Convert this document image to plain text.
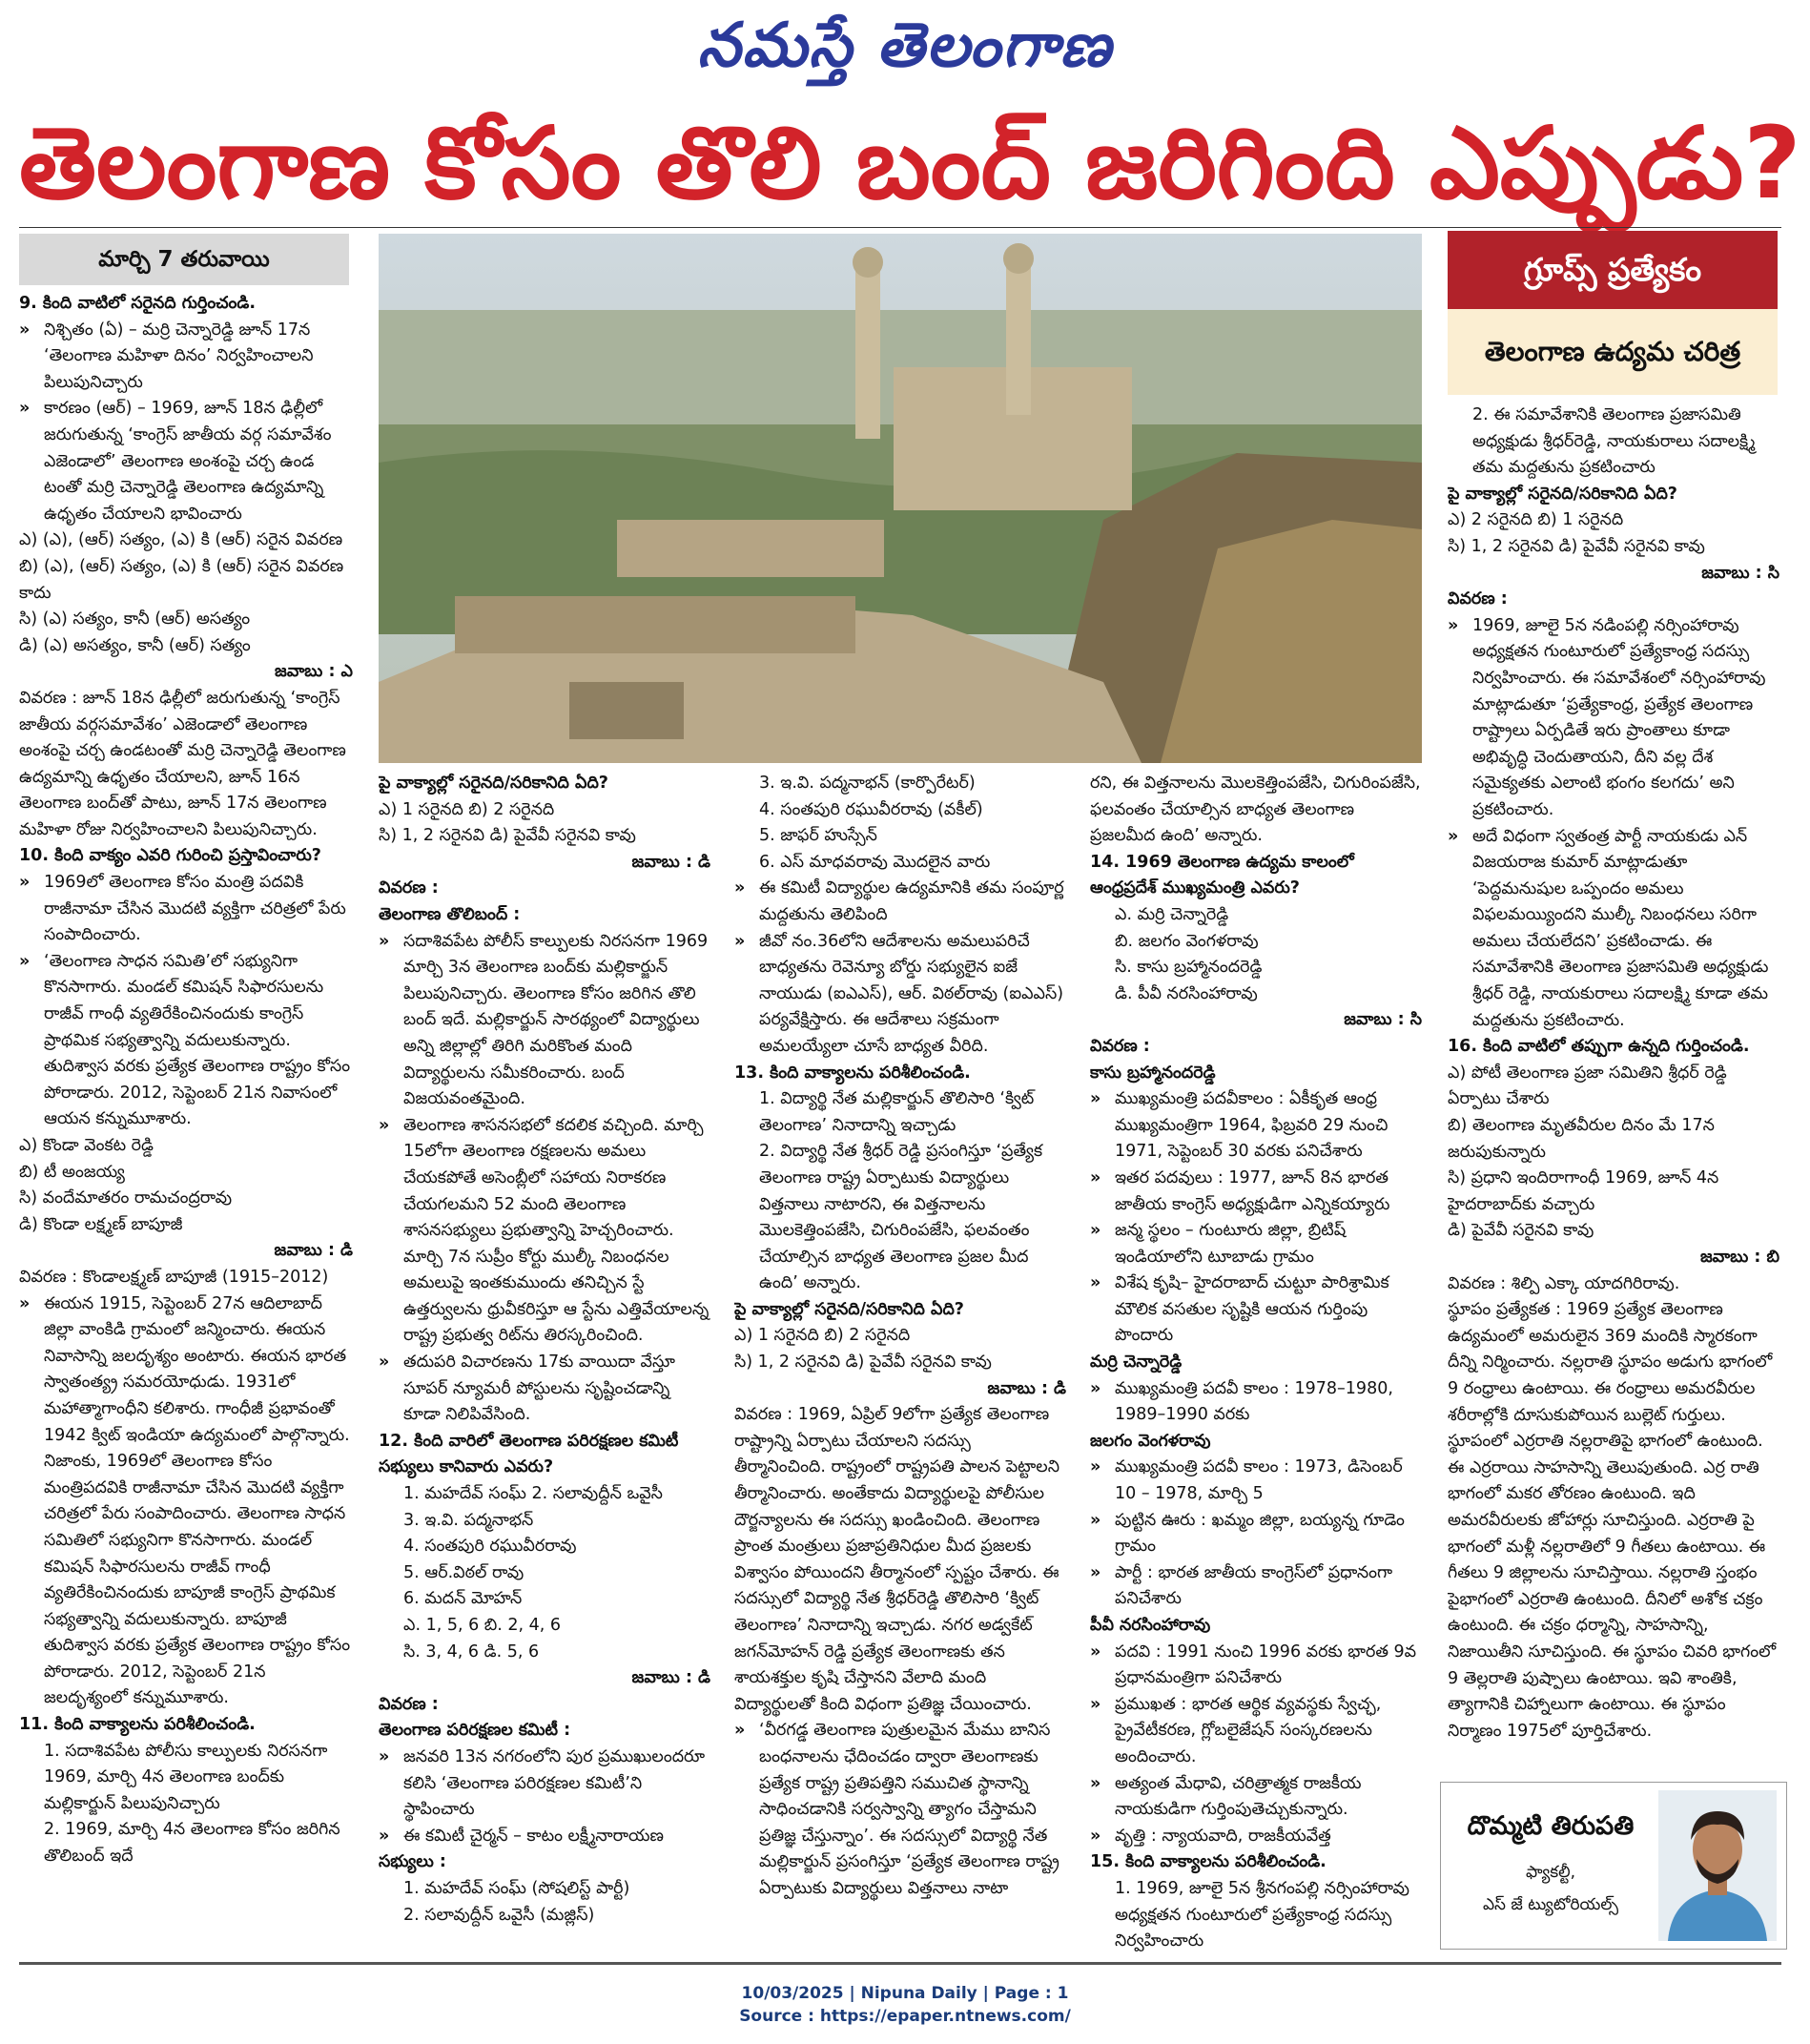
నమస్తే తెలంగాణ
తెలంగాణ కోసం తొలి బంద్‌ జరిగింది ఎప్పుడు?
మార్చి 7 తరువాయి

9. కింది వాటిలో సరైనది గుర్తించండి.

» నిశ్చితం (ఏ) – మర్రి చెన్నారెడ్డి జూన్‌ 17న ‘తెలంగాణ మహిళా దినం’ నిర్వహించాలని పిలుపునిచ్చారు

» కారణం (ఆర్‌) – 1969, జూన్‌ 18న ఢిల్లీలో జరుగుతున్న ‘కాంగ్రెస్‌ జాతీయ వర్గ సమావేశం ఎజెండాలో’ తెలంగాణ అంశంపై చర్చ ఉండ టంతో మర్రి చెన్నారెడ్డి తెలంగాణ ఉద్యమాన్ని ఉధృతం చేయాలని భావించారు

ఎ) (ఎ), (ఆర్‌) సత్యం, (ఎ) కి (ఆర్‌) సరైన వివరణ

బి) (ఎ), (ఆర్‌) సత్యం, (ఎ) కి (ఆర్‌) సరైన వివరణ కాదు

సి) (ఎ) సత్యం, కానీ (ఆర్‌) అసత్యం

డి) (ఎ) అసత్యం, కానీ (ఆర్‌) సత్యం

జవాబు : ఎ

వివరణ : జూన్‌ 18న ఢిల్లీలో జరుగుతున్న ‘కాంగ్రెస్‌ జాతీయ వర్గసమావేశం’ ఎజెండాలో తెలంగాణ అంశంపై చర్చ ఉండటంతో మర్రి చెన్నారెడ్డి తెలంగాణ ఉద్యమాన్ని ఉధృతం చేయాలని, జూన్‌ 16న తెలంగాణ బంద్‌తో పాటు, జూన్‌ 17న తెలంగాణ మహిళా రోజు నిర్వహించాలని పిలుపునిచ్చారు.

10. కింది వాక్యం ఎవరి గురించి ప్రస్తావించారు?

» 1969లో తెలంగాణ కోసం మంత్రి పదవికి రాజీనామా చేసిన మొదటి వ్యక్తిగా చరిత్రలో పేరు సంపాదించారు.

» ‘తెలంగాణ సాధన సమితి’లో సభ్యునిగా కొనసాగారు. మండల్‌ కమిషన్‌ సిఫారసులను రాజీవ్‌ గాంధీ వ్యతిరేకించినందుకు కాంగ్రెస్‌ ప్రాథమిక సభ్యత్వాన్ని వదులుకున్నారు. తుదిశ్వాస వరకు ప్రత్యేక తెలంగాణ రాష్ట్రం కోసం పోరాడారు. 2012, సెప్టెంబర్‌ 21న నివాసంలో ఆయన కన్నుమూశారు.

ఎ) కొండా వెంకట రెడ్డి

బి) టీ అంజయ్య

సి) వందేమాతరం రామచంద్రరావు

డి) కొండా లక్ష్మణ్‌ బాపూజీ

జవాబు : డి

వివరణ : కొండాలక్ష్మణ్‌ బాపూజీ (1915–2012)

» ఈయన 1915, సెప్టెంబర్‌ 27న ఆదిలాబాద్‌ జిల్లా వాంకిడి గ్రామంలో జన్మించారు. ఈయన నివాసాన్ని జలదృశ్యం అంటారు. ఈయన భారత స్వాతంత్య్ర సమరయోధుడు. 1931లో మహాత్మాగాంధీని కలిశారు. గాంధీజీ ప్రభావంతో 1942 క్విట్‌ ఇండియా ఉద్యమంలో పాల్గొన్నారు. నిజాంకు, 1969లో తెలంగాణ కోసం మంత్రిపదవికి రాజీనామా చేసిన మొదటి వ్యక్తిగా చరిత్రలో పేరు సంపాదించారు. తెలంగాణ సాధన సమితిలో సభ్యునిగా కొనసాగారు. మండల్‌ కమిషన్‌ సిఫారసులను రాజీవ్‌ గాంధీ వ్యతిరేకించినందుకు బాపూజీ కాంగ్రెస్‌ ప్రాథమిక సభ్యత్వాన్ని వదులుకున్నారు. బాపూజీ తుదిశ్వాస వరకు ప్రత్యేక తెలంగాణ రాష్ట్రం కోసం పోరాడారు. 2012, సెప్టెంబర్‌ 21న జలదృశ్యంలో కన్నుమూశారు.

11. కింది వాక్యాలను పరిశీలించండి.

1. సదాశివపేట పోలీసు కాల్పులకు నిరసనగా 1969, మార్చి 4న తెలంగాణ బంద్‌కు మల్లికార్జున్‌ పిలుపునిచ్చారు

2. 1969, మార్చి 4న తెలంగాణ కోసం జరిగిన తొలిబంద్‌ ఇదే

పై వాక్యాల్లో సరైనది/సరికానిది ఏది?

ఎ) 1 సరైనది బి) 2 సరైనది

సి) 1, 2 సరైనవి డి) పైవేవీ సరైనవి కావు

జవాబు : డి

వివరణ :

తెలంగాణ తొలిబంద్‌ :

» సదాశివపేట పోలీస్‌ కాల్పులకు నిరసనగా 1969 మార్చి 3న తెలంగాణ బంద్‌కు మల్లికార్జున్‌ పిలుపునిచ్చారు. తెలంగాణ కోసం జరిగిన తొలి బంద్‌ ఇదే. మల్లికార్జున్‌ సారథ్యంలో విద్యార్థులు అన్ని జిల్లాల్లో తిరిగి మరికొంత మంది విద్యార్థులను సమీకరించారు. బంద్‌ విజయవంతమైంది.

» తెలంగాణ శాసనసభలో కదలిక వచ్చింది. మార్చి 15లోగా తెలంగాణ రక్షణలను అమలు చేయకపోతే అసెంబ్లీలో సహాయ నిరాకరణ చేయగలమని 52 మంది తెలంగాణ శాసనసభ్యులు ప్రభుత్వాన్ని హెచ్చరించారు. మార్చి 7న సుప్రీం కోర్టు ముల్కీ నిబంధనల అమలుపై ఇంతకుముందు తనిచ్చిన స్టే ఉత్తర్వులను ధ్రువీకరిస్తూ ఆ స్టేను ఎత్తివేయాలన్న రాష్ట్ర ప్రభుత్వ రిట్‌ను తిరస్కరించింది.

» తదుపరి విచారణను 17కు వాయిదా వేస్తూ సూపర్‌ న్యూమరీ పోస్టులను సృష్టించడాన్ని కూడా నిలిపివేసింది.

12. కింది వారిలో తెలంగాణ పరిరక్షణల కమిటీ సభ్యులు కానివారు ఎవరు?

1. మహదేవ్‌ సంఘ్‌ 2. సలావుద్దీన్‌ ఒవైసీ

3. ఇ.వి. పద్మనాభన్‌

4. సంతపురి రఘువీరరావు

5. ఆర్‌.విఠల్‌ రావు

6. మదన్‌ మోహన్‌

ఎ. 1, 5, 6 బి. 2, 4, 6

సి. 3, 4, 6 డి. 5, 6

జవాబు : డి

వివరణ :

తెలంగాణ పరిరక్షణల కమిటీ :

» జనవరి 13న నగరంలోని పుర ప్రముఖులందరూ కలిసి ‘తెలంగాణ పరిరక్షణల కమిటీ’ని స్థాపించారు

» ఈ కమిటీ చైర్మన్‌ – కాటం లక్ష్మీనారాయణ

సభ్యులు :

1. మహదేవ్‌ సంఘ్‌ (సోషలిస్ట్‌ పార్టీ)

2. సలావుద్దీన్‌ ఒవైసీ (మజ్లిస్‌)

3. ఇ.వి. పద్మనాభన్‌ (కార్పొరేటర్‌)

4. సంతపురి రఘువీరరావు (వకీల్‌)

5. జాఫర్‌ హుస్సేన్‌

6. ఎస్‌ మాధవరావు మొదలైన వారు

» ఈ కమిటీ విద్యార్థుల ఉద్యమానికి తమ సంపూర్ణ మద్దతును తెలిపింది

» జీవో నం.36లోని ఆదేశాలను అమలుపరిచే బాధ్యతను రెవెన్యూ బోర్డు సభ్యులైన ఐజే నాయుడు (ఐఎఎస్‌), ఆర్‌. విఠల్‌రావు (ఐఎఎస్‌) పర్యవేక్షిస్తారు. ఈ ఆదేశాలు సక్రమంగా అమలయ్యేలా చూసే బాధ్యత వీరిది.

13. కింది వాక్యాలను పరిశీలించండి.

1. విద్యార్థి నేత మల్లికార్జున్‌ తొలిసారి ‘క్విట్‌ తెలంగాణ’ నినాదాన్ని ఇచ్చాడు

2. విద్యార్థి నేత శ్రీధర్‌ రెడ్డి ప్రసంగిస్తూ ‘ప్రత్యేక తెలంగాణ రాష్ట్ర ఏర్పాటుకు విద్యార్థులు విత్తనాలు నాటారని, ఈ విత్తనాలను మొలకెత్తింపజేసి, చిగురింపజేసి, ఫలవంతం చేయాల్సిన బాధ్యత తెలంగాణ ప్రజల మీద ఉంది’ అన్నారు.

పై వాక్యాల్లో సరైనది/సరికానిది ఏది?

ఎ) 1 సరైనది బి) 2 సరైనది

సి) 1, 2 సరైనవి డి) పైవేవీ సరైనవి కావు

జవాబు : డి

వివరణ : 1969, ఏప్రిల్‌ 9లోగా ప్రత్యేక తెలంగాణ రాష్ట్రాన్ని ఏర్పాటు చేయాలని సదస్సు తీర్మానించింది. రాష్ట్రంలో రాష్ట్రపతి పాలన పెట్టాలని తీర్మానించారు. అంతేకాదు విద్యార్థులపై పోలీసుల దౌర్జన్యాలను ఈ సదస్సు ఖండించింది. తెలంగాణ ప్రాంత మంత్రులు ప్రజాప్రతినిధుల మీద ప్రజలకు విశ్వాసం పోయిందని తీర్మానంలో స్పష్టం చేశారు. ఈ సదస్సులో విద్యార్థి నేత శ్రీధర్‌రెడ్డి తొలిసారి ‘క్విట్‌ తెలంగాణ’ నినాదాన్ని ఇచ్చాడు. నగర అడ్వకేట్‌ జగన్‌మోహన్‌ రెడ్డి ప్రత్యేక తెలంగాణకు తన శాయశక్తుల కృషి చేస్తానని వేలాది మంది విద్యార్థులతో కింది విధంగా ప్రతిజ్ఞ చేయించారు.

» ‘వీరగడ్డ తెలంగాణ పుత్రులమైన మేము బానిస బంధనాలను ఛేదించడం ద్వారా తెలంగాణకు ప్రత్యేక రాష్ట్ర ప్రతిపత్తిని సముచిత స్థానాన్ని సాధించడానికి సర్వస్వాన్ని త్యాగం చేస్తామని ప్రతిజ్ఞ చేస్తున్నాం’. ఈ సదస్సులో విద్యార్థి నేత మల్లికార్జున్‌ ప్రసంగిస్తూ ‘ప్రత్యేక తెలంగాణ రాష్ట్ర ఏర్పాటుకు విద్యార్థులు విత్తనాలు నాటా

రని, ఈ విత్తనాలను మొలకెత్తింపజేసి, చిగురింపజేసి, ఫలవంతం చేయాల్సిన బాధ్యత తెలంగాణ ప్రజలమీద ఉంది’ అన్నారు.

14. 1969 తెలంగాణ ఉద్యమ కాలంలో ఆంధ్రప్రదేశ్‌ ముఖ్యమంత్రి ఎవరు?

ఎ. మర్రి చెన్నారెడ్డి

బి. జలగం వెంగళరావు

సి. కాసు బ్రహ్మానందరెడ్డి

డి. పీవీ నరసింహారావు

జవాబు : సి

వివరణ :

కాసు బ్రహ్మానందరెడ్డి

» ముఖ్యమంత్రి పదవీకాలం : ఏకీకృత ఆంధ్ర ముఖ్యమంత్రిగా 1964, ఫిబ్రవరి 29 నుంచి 1971, సెప్టెంబర్‌ 30 వరకు పనిచేశారు

» ఇతర పదవులు : 1977, జూన్‌ 8న భారత జాతీయ కాంగ్రెస్‌ అధ్యక్షుడిగా ఎన్నికయ్యారు

» జన్మ స్థలం – గుంటూరు జిల్లా, బ్రిటిష్‌ ఇండియాలోని టూబాడు గ్రామం

» విశేష కృషి– హైదరాబాద్‌ చుట్టూ పారిశ్రామిక మౌలిక వసతుల సృష్టికి ఆయన గుర్తింపు పొందారు

మర్రి చెన్నారెడ్డి

» ముఖ్యమంత్రి పదవీ కాలం : 1978–1980, 1989–1990 వరకు

జలగం వెంగళరావు

» ముఖ్యమంత్రి పదవీ కాలం : 1973, డిసెంబర్‌ 10 – 1978, మార్చి 5

» పుట్టిన ఊరు : ఖమ్మం జిల్లా, బయ్యన్న గూడెం గ్రామం

» పార్టీ : భారత జాతీయ కాంగ్రెస్‌లో ప్రధానంగా పనిచేశారు

పీవీ నరసింహారావు

» పదవి : 1991 నుంచి 1996 వరకు భారత 9వ ప్రధానమంత్రిగా పనిచేశారు

» ప్రముఖత : భారత ఆర్థిక వ్యవస్థకు స్వేచ్ఛ, ప్రైవేటీకరణ, గ్లోబలైజేషన్‌ సంస్కరణలను అందించారు.

» అత్యంత మేధావి, చరిత్రాత్మక రాజకీయ నాయకుడిగా గుర్తింపుతెచ్చుకున్నారు.

» వృత్తి : న్యాయవాది, రాజకీయవేత్త

15. కింది వాక్యాలను పరిశీలించండి.

1. 1969, జూలై 5న శ్రీనగంపల్లి నర్సింహారావు అధ్యక్షతన గుంటూరులో ప్రత్యేకాంధ్ర సదస్సు నిర్వహించారు

గ్రూప్స్‌ ప్రత్యేకం
తెలంగాణ ఉద్యమ చరిత్ర

2. ఈ సమావేశానికి తెలంగాణ ప్రజాసమితి అధ్యక్షుడు శ్రీధర్‌రెడ్డి, నాయకురాలు సదాలక్ష్మి తమ మద్దతును ప్రకటించారు

పై వాక్యాల్లో సరైనది/సరికానిది ఏది?

ఎ) 2 సరైనది బి) 1 సరైనది

సి) 1, 2 సరైనవి డి) పైవేవీ సరైనవి కావు

జవాబు : సి

వివరణ :

» 1969, జూలై 5న నడింపల్లి నర్సింహారావు అధ్యక్షతన గుంటూరులో ప్రత్యేకాంధ్ర సదస్సు నిర్వహించారు. ఈ సమావేశంలో నర్సింహారావు మాట్లాడుతూ ‘ప్రత్యేకాంధ్ర, ప్రత్యేక తెలంగాణ రాష్ట్రాలు ఏర్పడితే ఇరు ప్రాంతాలు కూడా అభివృద్ధి చెందుతాయని, దీని వల్ల దేశ సమైక్యతకు ఎలాంటి భంగం కలగదు’ అని ప్రకటించారు.

» అదే విధంగా స్వతంత్ర పార్టీ నాయకుడు ఎన్‌ విజయరాజ కుమార్‌ మాట్లాడుతూ ‘పెద్దమనుషుల ఒప్పందం అమలు విఫలమయ్యిందని ముల్కీ నిబంధనలు సరిగా అమలు చేయలేదని’ ప్రకటించాడు. ఈ సమావేశానికి తెలంగాణ ప్రజాసమితి అధ్యక్షుడు శ్రీధర్‌ రెడ్డి, నాయకురాలు సదాలక్ష్మి కూడా తమ మద్దతును ప్రకటించారు.

16. కింది వాటిలో తప్పుగా ఉన్నది గుర్తించండి.

ఎ) పోటీ తెలంగాణ ప్రజా సమితిని శ్రీధర్‌ రెడ్డి ఏర్పాటు చేశారు

బి) తెలంగాణ మృతవీరుల దినం మే 17న జరుపుకున్నారు

సి) ప్రధాని ఇందిరాగాంధీ 1969, జూన్‌ 4న హైదరాబాద్‌కు వచ్చారు

డి) పైవేవీ సరైనవి కావు

జవాబు : బి

వివరణ : శిల్పి ఎక్కా యాదగిరిరావు.

స్థూపం ప్రత్యేకత : 1969 ప్రత్యేక తెలంగాణ ఉద్యమంలో అమరులైన 369 మందికి స్మారకంగా దీన్ని నిర్మించారు. నల్లరాతి స్థూపం అడుగు భాగంలో 9 రంధ్రాలు ఉంటాయి. ఈ రంధ్రాలు అమరవీరుల శరీరాల్లోకి దూసుకుపోయిన బుల్లెట్‌ గుర్తులు. స్థూపంలో ఎర్రరాతి నల్లరాతిపై భాగంలో ఉంటుంది. ఈ ఎర్రరాయి సాహసాన్ని తెలుపుతుంది. ఎర్ర రాతి భాగంలో మకర తోరణం ఉంటుంది. ఇది అమరవీరులకు జోహార్లు సూచిస్తుంది. ఎర్రరాతి పై భాగంలో మళ్లీ నల్లరాతిలో 9 గీతలు ఉంటాయి. ఈ గీతలు 9 జిల్లాలను సూచిస్తాయి. నల్లరాతి స్తంభం పైభాగంలో ఎర్రరాతి ఉంటుంది. దీనిలో అశోక చక్రం ఉంటుంది. ఈ చక్రం ధర్మాన్ని, సాహసాన్ని, నిజాయితీని సూచిస్తుంది. ఈ స్థూపం చివరి భాగంలో 9 తెల్లరాతి పుష్పాలు ఉంటాయి. ఇవి శాంతికి, త్యాగానికి చిహ్నాలుగా ఉంటాయి. ఈ స్థూపం నిర్మాణం 1975లో పూర్తిచేశారు.

దొమ్మటి తిరుపతి
ఫ్యాకల్టీ,
ఎస్‌ జే ట్యుటోరియల్స్‌
10/03/2025 | Nipuna Daily | Page : 1
Source : https://epaper.ntnews.com/
